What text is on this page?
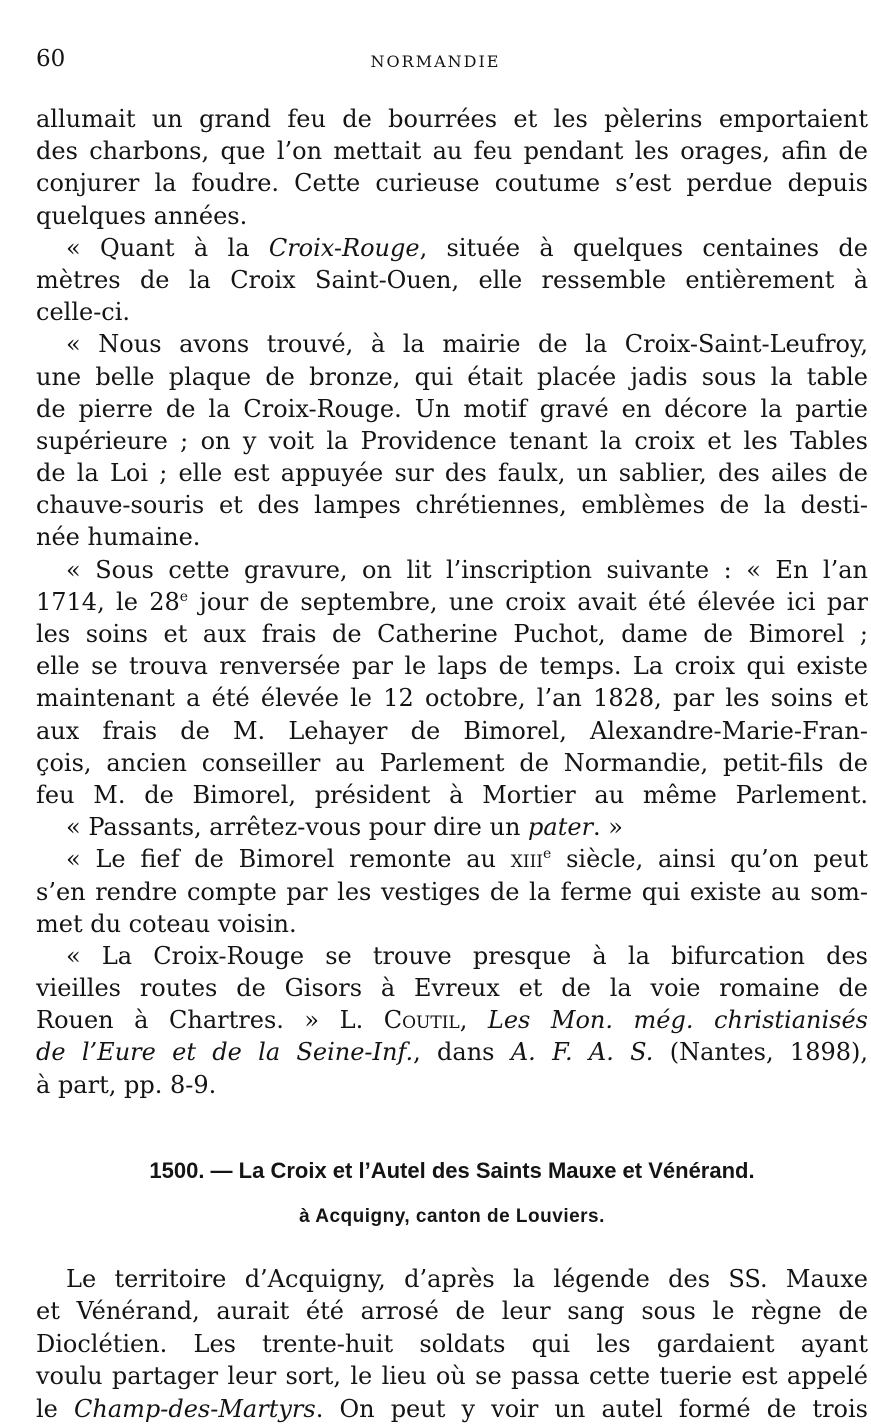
60	NORMANDIE
allumait un grand feu de bourrées et les pèlerins emportaient
des charbons, que l’on mettait au feu pendant les orages, afin de
conjurer la foudre. Cette curieuse coutume s’est perdue depuis
quelques années.
« Quant à la Croix-Rouge, située à quelques centaines de
mètres de la Croix Saint-Ouen, elle ressemble entièrement à
celle-ci.
« Nous avons trouvé, à la mairie de la Croix-Saint-Leufroy,
une belle plaque de bronze, qui était placée jadis sous la table
de pierre de la Croix-Rouge. Un motif gravé en décore la partie
supérieure ; on y voit la Providence tenant la croix et les Tables
de la Loi ; elle est appuyée sur des faulx, un sablier, des ailes de
chauve-souris et des lampes chrétiennes, emblèmes de la desti-
née humaine.
« Sous cette gravure, on lit l’inscription suivante : « En l’an
1714, le 28e jour de septembre, une croix avait été élevée ici par
les soins et aux frais de Catherine Puchot, dame de Bimorel ;
elle se trouva renversée par le laps de temps. La croix qui existe
maintenant a été élevée le 12 octobre, l’an 1828, par les soins et
aux frais de M. Lehayer de Bimorel, Alexandre-Marie-Fran-
çois, ancien conseiller au Parlement de Normandie, petit-fils de
feu M. de Bimorel, président à Mortier au même Parlement.
« Passants, arrêtez-vous pour dire un pater. »
« Le fief de Bimorel remonte au xiii$^e$ siècle, ainsi qu’on peut
s’en rendre compte par les vestiges de la ferme qui existe au som-
met du coteau voisin.
« La Croix-Rouge se trouve presque à la bifurcation des
vieilles routes de Gisors à Evreux et de la voie romaine de
Rouen à Chartres. » L. Coutil, Les Mon. még. christianisés
de l’Eure et de la Seine-Inf., dans A. F. A. S. (Nantes, 1898),
à part, pp. 8-9.
1500. — La Croix et l’Autel des Saints Mauxe et Vénérand.
à Acquigny, canton de Louviers.
Le territoire d’Acquigny, d’après la légende des SS. Mauxe
et Vénérand, aurait été arrosé de leur sang sous le règne de
Dioclétien. Les trente-huit soldats qui les gardaient ayant
voulu partager leur sort, le lieu où se passa cette tuerie est appelé
le Champ-des-Martyrs. On peut y voir un autel formé de trois
